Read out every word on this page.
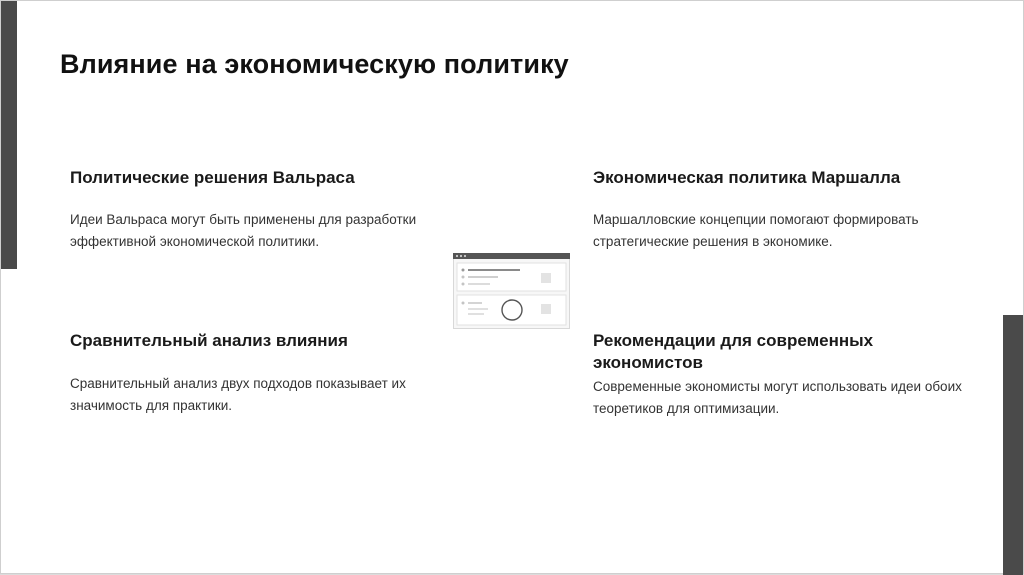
Влияние на экономическую политику
Политические решения Вальраса

Идеи Вальраса могут быть применены для разработки эффективной экономической политики.

Экономическая политика Маршалла

Маршалловские концепции помогают формировать стратегические решения в экономике.

Сравнительный анализ влияния

Сравнительный анализ двух подходов показывает их значимость для практики.

Рекомендации для современных экономистов

Современные экономисты могут использовать идеи обоих теоретиков для оптимизации.
